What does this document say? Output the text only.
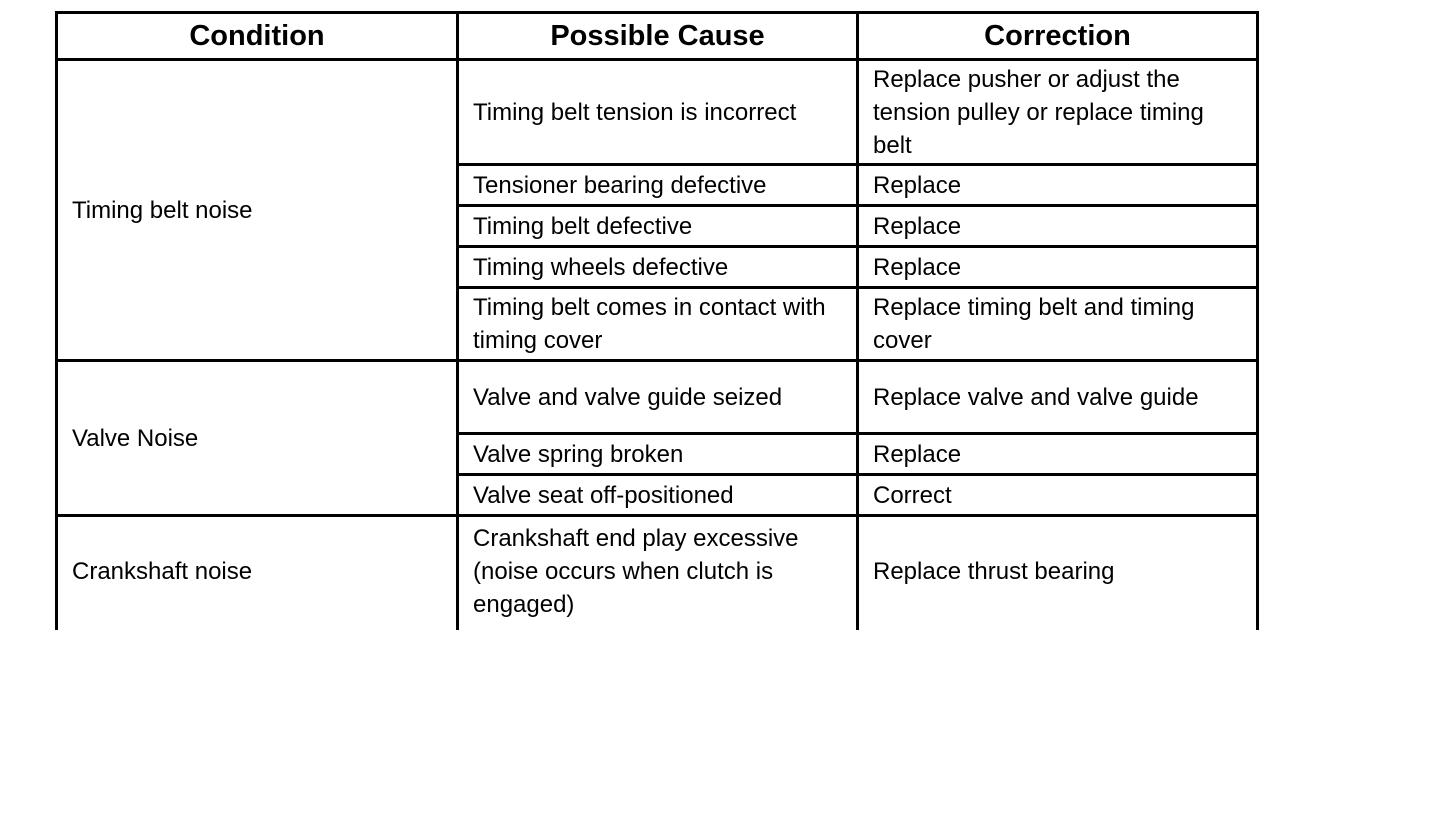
Condition	Possible Cause	Correction
Timing belt noise	Timing belt tension is incorrect	Replace pusher or adjust the tension pulley or replace timing belt
	Tensioner bearing defective	Replace
	Timing belt defective	Replace
	Timing wheels defective	Replace
	Timing belt comes in contact with timing cover	Replace timing belt and timing cover
Valve Noise	Valve and valve guide seized	Replace valve and valve guide
	Valve spring broken	Replace
	Valve seat off-positioned	Correct
Crankshaft noise	Crankshaft end play excessive (noise occurs when clutch is engaged)	Replace thrust bearing
